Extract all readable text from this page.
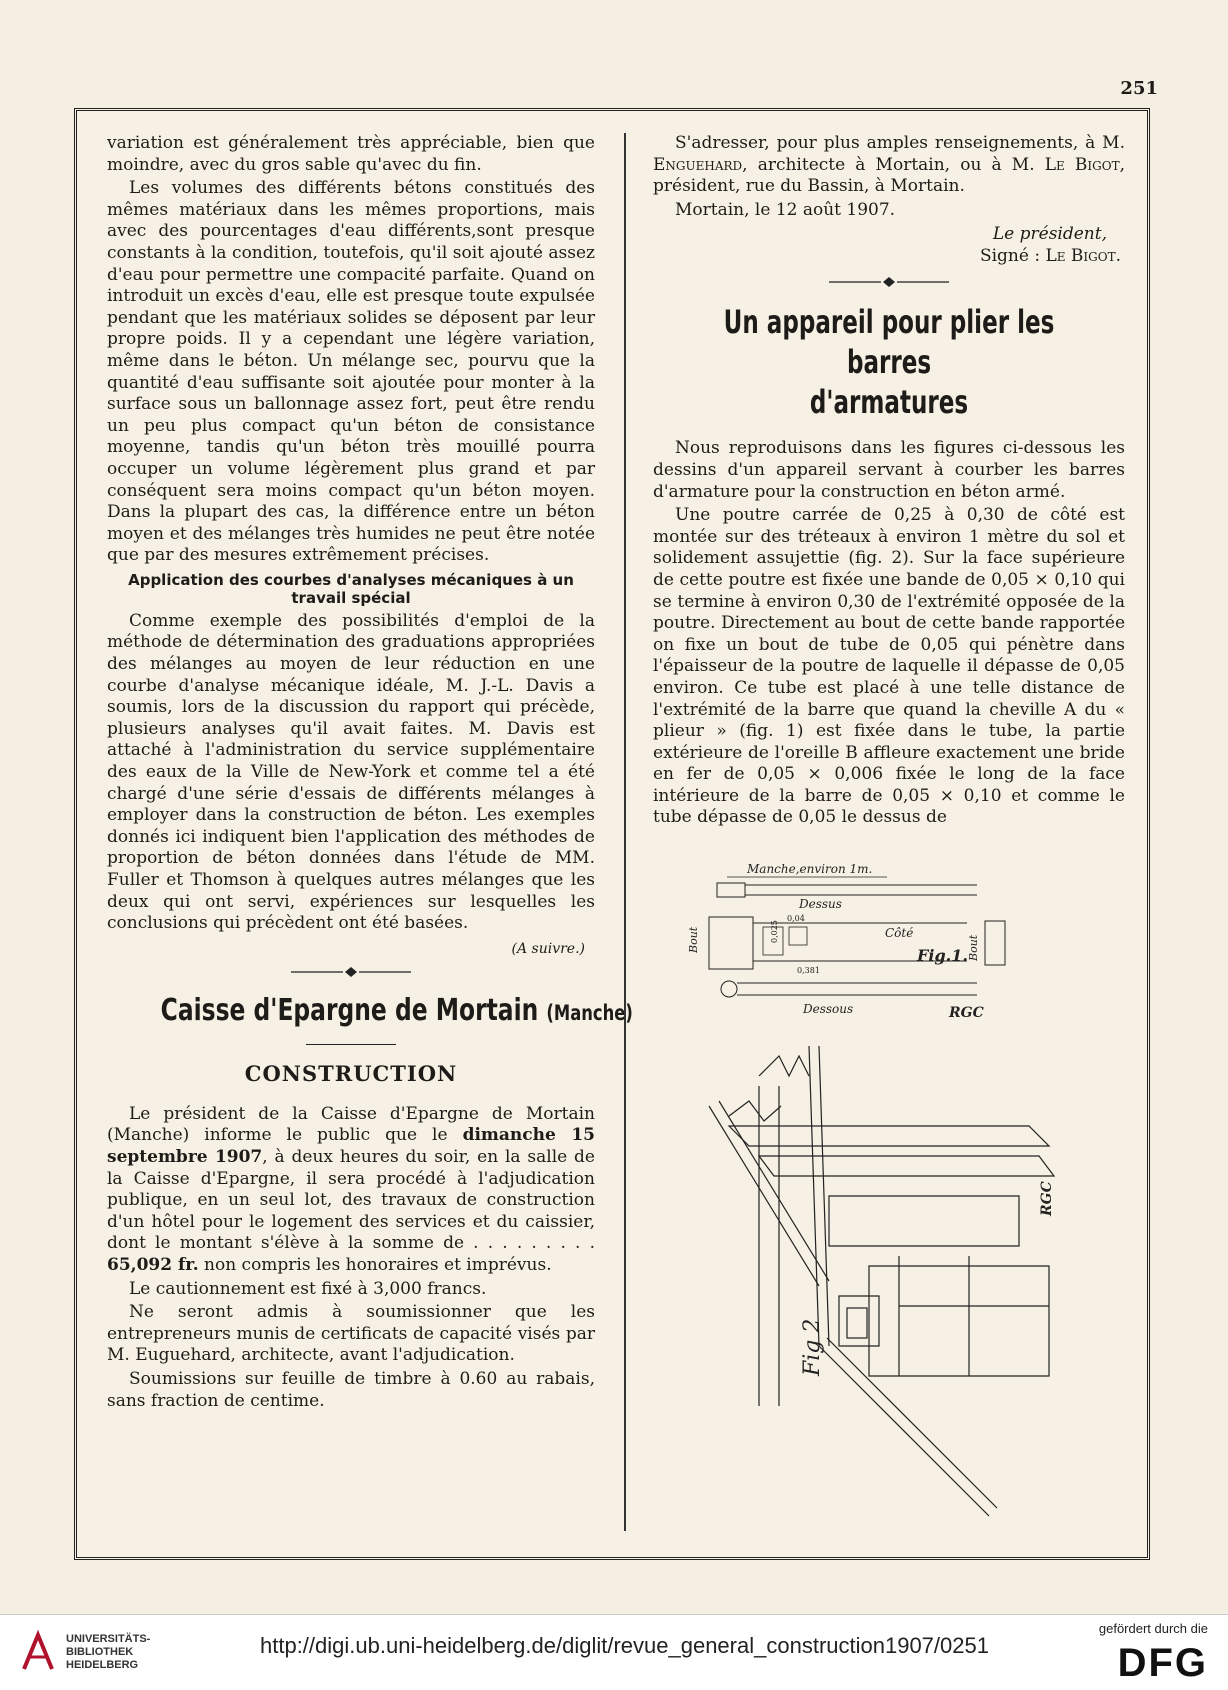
251

variation est généralement très appréciable, bien que moindre, avec du gros sable qu'avec du fin.

Les volumes des différents bétons constitués des mêmes matériaux dans les mêmes proportions, mais avec des pourcentages d'eau différents,sont presque constants à la condition, toutefois, qu'il soit ajouté assez d'eau pour permettre une compacité parfaite. Quand on introduit un excès d'eau, elle est presque toute expulsée pendant que les matériaux solides se déposent par leur propre poids. Il y a cependant une légère variation, même dans le béton. Un mélange sec, pourvu que la quantité d'eau suffisante soit ajoutée pour monter à la surface sous un ballonnage assez fort, peut être rendu un peu plus compact qu'un béton de consistance moyenne, tandis qu'un béton très mouillé pourra occuper un volume légèrement plus grand et par conséquent sera moins compact qu'un béton moyen. Dans la plupart des cas, la différence entre un béton moyen et des mélanges très humides ne peut être notée que par des mesures extrêmement précises.

Application des courbes d'analyses mécaniques à un travail spécial

Comme exemple des possibilités d'emploi de la méthode de détermination des graduations appropriées des mélanges au moyen de leur réduction en une courbe d'analyse mécanique idéale, M. J.-L. Davis a soumis, lors de la discussion du rapport qui précède, plusieurs analyses qu'il avait faites. M. Davis est attaché à l'administration du service supplémentaire des eaux de la Ville de New-York et comme tel a été chargé d'une série d'essais de différents mélanges à employer dans la construction de béton. Les exemples donnés ici indiquent bien l'application des méthodes de proportion de béton données dans l'étude de MM. Fuller et Thomson à quelques autres mélanges que les deux qui ont servi, expériences sur lesquelles les conclusions qui précèdent ont été basées.

(A suivre.)
Caisse d'Epargne de Mortain (Manche)
CONSTRUCTION

Le président de la Caisse d'Epargne de Mortain (Manche) informe le public que le dimanche 15 septembre 1907, à deux heures du soir, en la salle de la Caisse d'Epargne, il sera procédé à l'adjudication publique, en un seul lot, des travaux de construction d'un hôtel pour le logement des services et du caissier, dont le montant s'élève à la somme de . . . . . . . . . 65,092 fr. non compris les honoraires et imprévus.

Le cautionnement est fixé à 3,000 francs.

Ne seront admis à soumissionner que les entrepreneurs munis de certificats de capacité visés par M. Euguehard, architecte, avant l'adjudication.

Soumissions sur feuille de timbre à 0.60 au rabais, sans fraction de centime.

S'adresser, pour plus amples renseignements, à M. Enguehard, architecte à Mortain, ou à M. Le Bigot, président, rue du Bassin, à Mortain.

Mortain, le 12 août 1907.

Le président,
Signé : Le Bigot.
Un appareil pour plier les barres
d'armatures

Nous reproduisons dans les figures ci-dessous les dessins d'un appareil servant à courber les barres d'armature pour la construction en béton armé.

Une poutre carrée de 0,25 à 0,30 de côté est montée sur des tréteaux à environ 1 mètre du sol et solidement assujettie (fig. 2). Sur la face supérieure de cette poutre est fixée une bande de 0,05 × 0,10 qui se termine à environ 0,30 de l'extrémité opposée de la poutre. Directement au bout de cette bande rapportée on fixe un bout de tube de 0,05 qui pénètre dans l'épaisseur de la poutre de laquelle il dépasse de 0,05 environ. Ce tube est placé à une telle distance de l'extrémité de la barre que quand la cheville A du « plieur » (fig. 1) est fixée dans le tube, la partie extérieure de l'oreille B affleure exactement une bride en fer de 0,05 × 0,006 fixée le long de la face intérieure de la barre de 0,05 × 0,10 et comme le tube dépasse de 0,05 le dessus de

Manche,environ 1m.
Dessus
Bout
0,04
0,025
0,381
Côté
Fig.1. Bout
Dessous	RGC
Fig 2
RGC
UNIVERSITÄTS-
BIBLIOTHEK
HEIDELBERG
http://digi.ub.uni-heidelberg.de/diglit/revue_general_construction1907/0251
gefördert durch die
DFG
